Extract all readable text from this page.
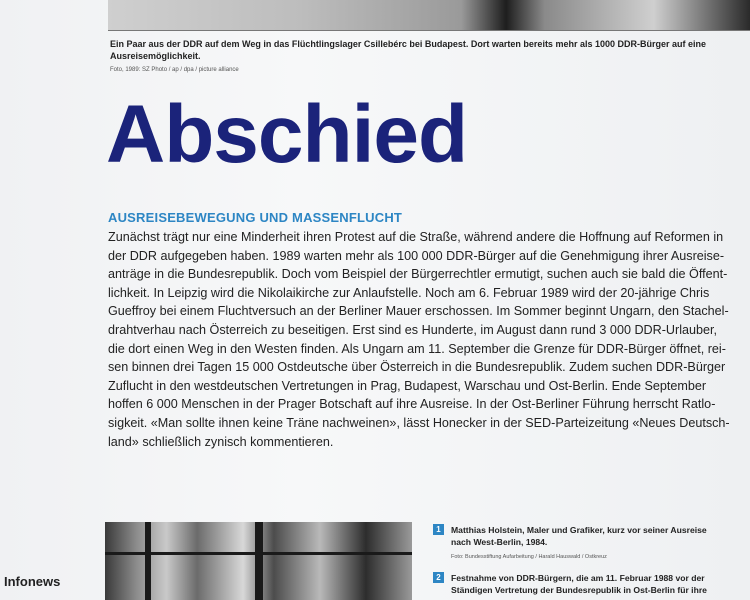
Ein Paar aus der DDR auf dem Weg in das Flüchtlingslager Csillebérc bei Budapest. Dort warten bereits mehr als 1000 DDR-Bürger auf eine
Ausreisemöglichkeit.
Foto, 1989: SZ Photo / ap / dpa / picture alliance
Abschied
AUSREISEBEWEGUNG UND MASSENFLUCHT
Zunächst trägt nur eine Minderheit ihren Protest auf die Straße, während andere die Hoffnung auf Reformen in
der DDR aufgegeben haben. 1989 warten mehr als 100 000 DDR-Bürger auf die Genehmigung ihrer Ausreise-
anträge in die Bundesrepublik. Doch vom Beispiel der Bürgerrechtler ermutigt, suchen auch sie bald die Öffent-
lichkeit. In Leipzig wird die Nikolaikirche zur Anlaufstelle. Noch am 6. Februar 1989 wird der 20-jährige Chris
Gueffroy bei einem Fluchtversuch an der Berliner Mauer erschossen. Im Sommer beginnt Ungarn, den Stachel-
drahtverhau nach Österreich zu beseitigen. Erst sind es Hunderte, im August dann rund 3 000 DDR-Urlauber,
die dort einen Weg in den Westen finden. Als Ungarn am 11. September die Grenze für DDR-Bürger öffnet, rei-
sen binnen drei Tagen 15 000 Ostdeutsche über Österreich in die Bundesrepublik. Zudem suchen DDR-Bürger
Zuflucht in den westdeutschen Vertretungen in Prag, Budapest, Warschau und Ost-Berlin. Ende September
hoffen 6 000 Menschen in der Prager Botschaft auf ihre Ausreise. In der Ost-Berliner Führung herrscht Ratlo-
sigkeit. «Man sollte ihnen keine Träne nachweinen», lässt Honecker in der SED-Parteizeitung «Neues Deutsch-
land» schließlich zynisch kommentieren.
1	Matthias Holstein, Maler und Grafiker, kurz vor seiner Ausreise
nach West-Berlin, 1984.
Foto: Bundesstiftung Aufarbeitung / Harald Hauswald / Ostkreuz
2	Festnahme von DDR-Bürgern, die am 11. Februar 1988 vor der
Ständigen Vertretung der Bundesrepublik in Ost-Berlin für ihre
Infonews
